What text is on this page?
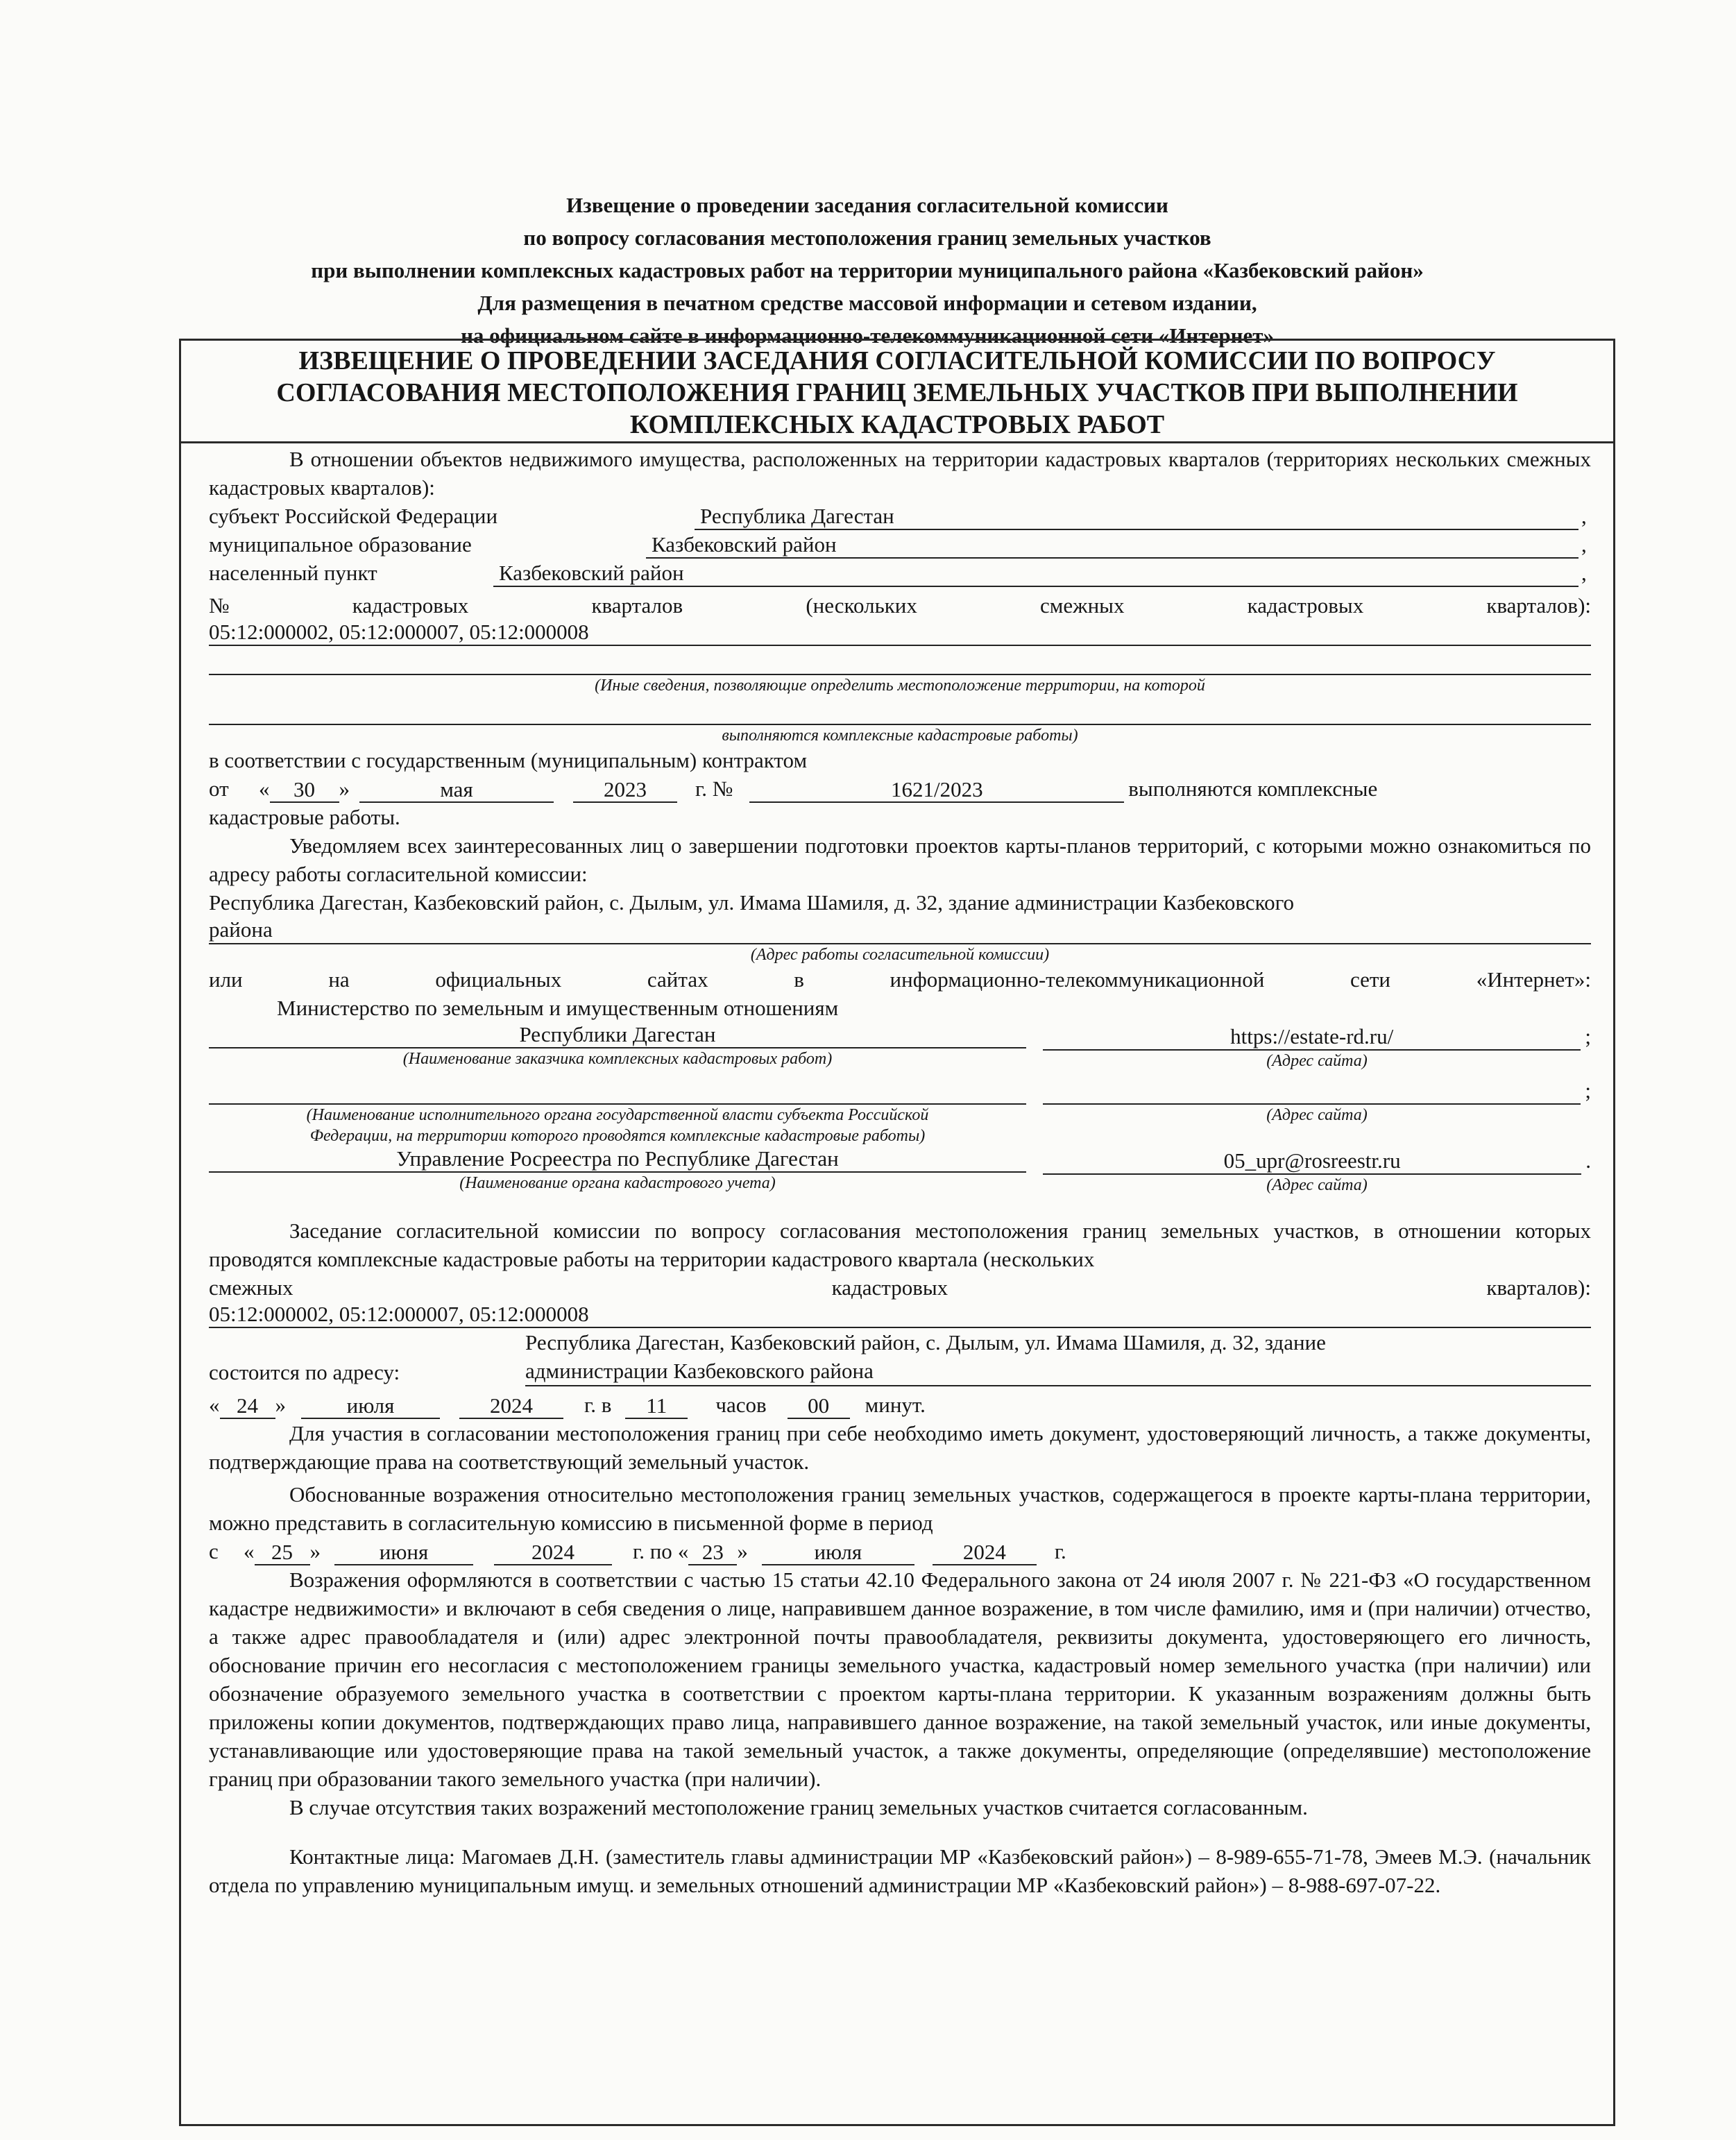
Извещение о проведении заседания согласительной комиссии
по вопросу согласования местоположения границ земельных участков
при выполнении комплексных кадастровых работ на территории муниципального района «Казбековский район»
Для размещения в печатном средстве массовой информации и сетевом издании,
на официальном сайте в информационно-телекоммуникационной сети «Интернет»
ИЗВЕЩЕНИЕ О ПРОВЕДЕНИИ ЗАСЕДАНИЯ СОГЛАСИТЕЛЬНОЙ КОМИССИИ ПО ВОПРОСУ
СОГЛАСОВАНИЯ МЕСТОПОЛОЖЕНИЯ ГРАНИЦ ЗЕМЕЛЬНЫХ УЧАСТКОВ ПРИ ВЫПОЛНЕНИИ
КОМПЛЕКСНЫХ КАДАСТРОВЫХ РАБОТ

В отношении объектов недвижимого имущества, расположенных на территории кадастровых кварталов (территориях нескольких смежных кадастровых кварталов):

субъект Российской Федерации	Республика Дагестан	,
муниципальное образование	Казбековский район	,
населенный пункт	Казбековский район	,
№	кадастровых	кварталов	(нескольких	смежных	кадастровых	кварталов):
05:12:000002, 05:12:000007, 05:12:000008
(Иные сведения, позволяющие определить местоположение территории, на которой
выполняются комплексные кадастровые работы)
в соответствии с государственным (муниципальным) контрактом
от	«	30	»	мая	2023	г. №	1621/2023	выполняются комплексные
кадастровые работы.

Уведомляем всех заинтересованных лиц о завершении подготовки проектов карты-планов территорий, с которыми можно ознакомиться по адресу работы согласительной комиссии:

Республика Дагестан, Казбековский район, с. Дылым, ул. Имама Шамиля, д. 32, здание администрации Казбековского
района
(Адрес работы согласительной комиссии)
или	на	официальных	сайтах	в	информационно-телекоммуникационной	сети	«Интернет»:
Министерство по земельным и имущественным отношениям
Республики Дагестан
(Наименование заказчика комплексных кадастровых работ)
https://estate-rd.ru/	;
(Адрес сайта)
(Наименование исполнительного органа государственной власти субъекта Российской
Федерации, на территории которого проводятся комплексные кадастровые работы)
;
(Адрес сайта)
Управление Росреестра по Республике Дагестан
(Наименование органа кадастрового учета)
05_upr@rosreestr.ru	.
(Адрес сайта)

Заседание согласительной комиссии по вопросу согласования местоположения границ земельных участков, в отношении которых проводятся комплексные кадастровые работы на территории кадастрового квартала (нескольких

смежных	кадастровых	кварталов):
05:12:000002, 05:12:000007, 05:12:000008
состоится по адресу:
Республика Дагестан, Казбековский район, с. Дылым, ул. Имама Шамиля, д. 32, здание
администрации Казбековского района
« 24 »	июля	2024	г. в	11	часов	00	минут.

Для участия в согласовании местоположения границ при себе необходимо иметь документ, удостоверяющий личность, а также документы, подтверждающие права на соответствующий земельный участок.

Обоснованные возражения относительно местоположения границ земельных участков, содержащегося в проекте карты-плана территории, можно представить в согласительную комиссию в письменной форме в период

с	« 25 »	июня	2024	г. по « 23 »	июля	2024	г.

Возражения оформляются в соответствии с частью 15 статьи 42.10 Федерального закона от 24 июля 2007 г. № 221-ФЗ «О государственном кадастре недвижимости» и включают в себя сведения о лице, направившем данное возражение, в том числе фамилию, имя и (при наличии) отчество, а также адрес правообладателя и (или) адрес электронной почты правообладателя, реквизиты документа, удостоверяющего его личность, обоснование причин его несогласия с местоположением границы земельного участка, кадастровый номер земельного участка (при наличии) или обозначение образуемого земельного участка в соответствии с проектом карты-плана территории. К указанным возражениям должны быть приложены копии документов, подтверждающих право лица, направившего данное возражение, на такой земельный участок, или иные документы, устанавливающие или удостоверяющие права на такой земельный участок, а также документы, определяющие (определявшие) местоположение границ при образовании такого земельного участка (при наличии).

В случае отсутствия таких возражений местоположение границ земельных участков считается согласованным.

Контактные лица: Магомаев Д.Н. (заместитель главы администрации МР «Казбековский район») – 8-989-655-71-78, Эмеев М.Э. (начальник отдела по управлению муниципальным имущ. и земельных отношений администрации МР «Казбековский район») – 8-988-697-07-22.
